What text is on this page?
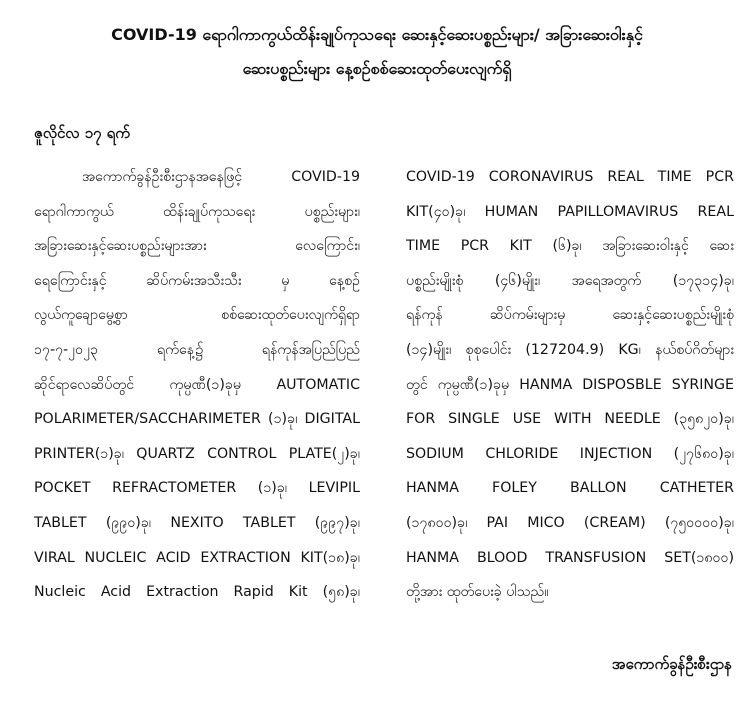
COVID-19 ရောဂါကာကွယ်ထိန်းချုပ်ကုသရေး ဆေးနှင့်ဆေးပစ္စည်းများ/ အခြားဆေးဝါးနှင့်
ဆေးပစ္စည်းများ နေ့စဉ်စစ်ဆေးထုတ်ပေးလျက်ရှိ
ဇူလိုင်လ ၁၇ ရက်
အကောက်ခွန်ဦးစီးဌာနအနေဖြင့် COVID-19
ရောဂါကာကွယ် ထိန်းချုပ်ကုသရေး ပစ္စည်းများ၊
အခြားဆေးနှင့်ဆေးပစ္စည်းများအား လေကြောင်း၊
ရေကြောင်းနှင့် ဆိပ်ကမ်းအသီးသီး မှ နေ့စဉ်
လွယ်ကူချောမွေ့စွာ စစ်ဆေးထုတ်ပေးလျက်ရှိရာ
၁၇-၇-၂၀၂၃ ရက်နေ့၌ ရန်ကုန်အပြည်ပြည်
ဆိုင်ရာလေဆိပ်တွင် ကုမ္ပဏီ(၁)ခုမှ AUTOMATIC
POLARIMETER/SACCHARIMETER (၁)ခု၊ DIGITAL
PRINTER(၁)ခု၊ QUARTZ CONTROL PLATE(၂)ခု၊
POCKET REFRACTOMETER (၁)ခု၊ LEVIPIL
TABLET (၉၉၀)ခု၊ NEXITO TABLET (၉၉၇)ခု၊
VIRAL NUCLEIC ACID EXTRACTION KIT(၁၈)ခု၊
Nucleic Acid Extraction Rapid Kit (၅၈)ခု၊
COVID-19 CORONAVIRUS REAL TIME PCR
KIT(၄၀)ခု၊ HUMAN PAPILLOMAVIRUS REAL
TIME PCR KIT (၆)ခု၊ အခြားဆေးဝါးနှင့် ဆေး
ပစ္စည်းမျိုးစုံ (၄၆)မျိုး၊ အရေအတွက် (၁၇၃၁၄)ခု၊
ရန်ကုန် ဆိပ်ကမ်းများမှ ဆေးနှင့်ဆေးပစ္စည်းမျိုးစုံ
(၁၄)မျိုး၊ စုစုပေါင်း (127204.9) KG၊ နယ်စပ်ဂိတ်များ
တွင် ကုမ္ပဏီ(၁)ခုမှ HANMA DISPOSBLE SYRINGE
FOR SINGLE USE WITH NEEDLE (၃၅၈၂၀)ခု၊
SODIUM CHLORIDE INJECTION (၂၇၆၈၀)ခု၊
HANMA FOLEY BALLON CATHETER
(၁၇၈၀၀)ခု၊ PAI MICO (CREAM) (၇၅၀၀၀၀)ခု၊
HANMA BLOOD TRANSFUSION SET(၁၈၀၀)
တို့အား ထုတ်ပေးခဲ့ ပါသည်။
အကောက်ခွန်ဦးစီးဌာန
